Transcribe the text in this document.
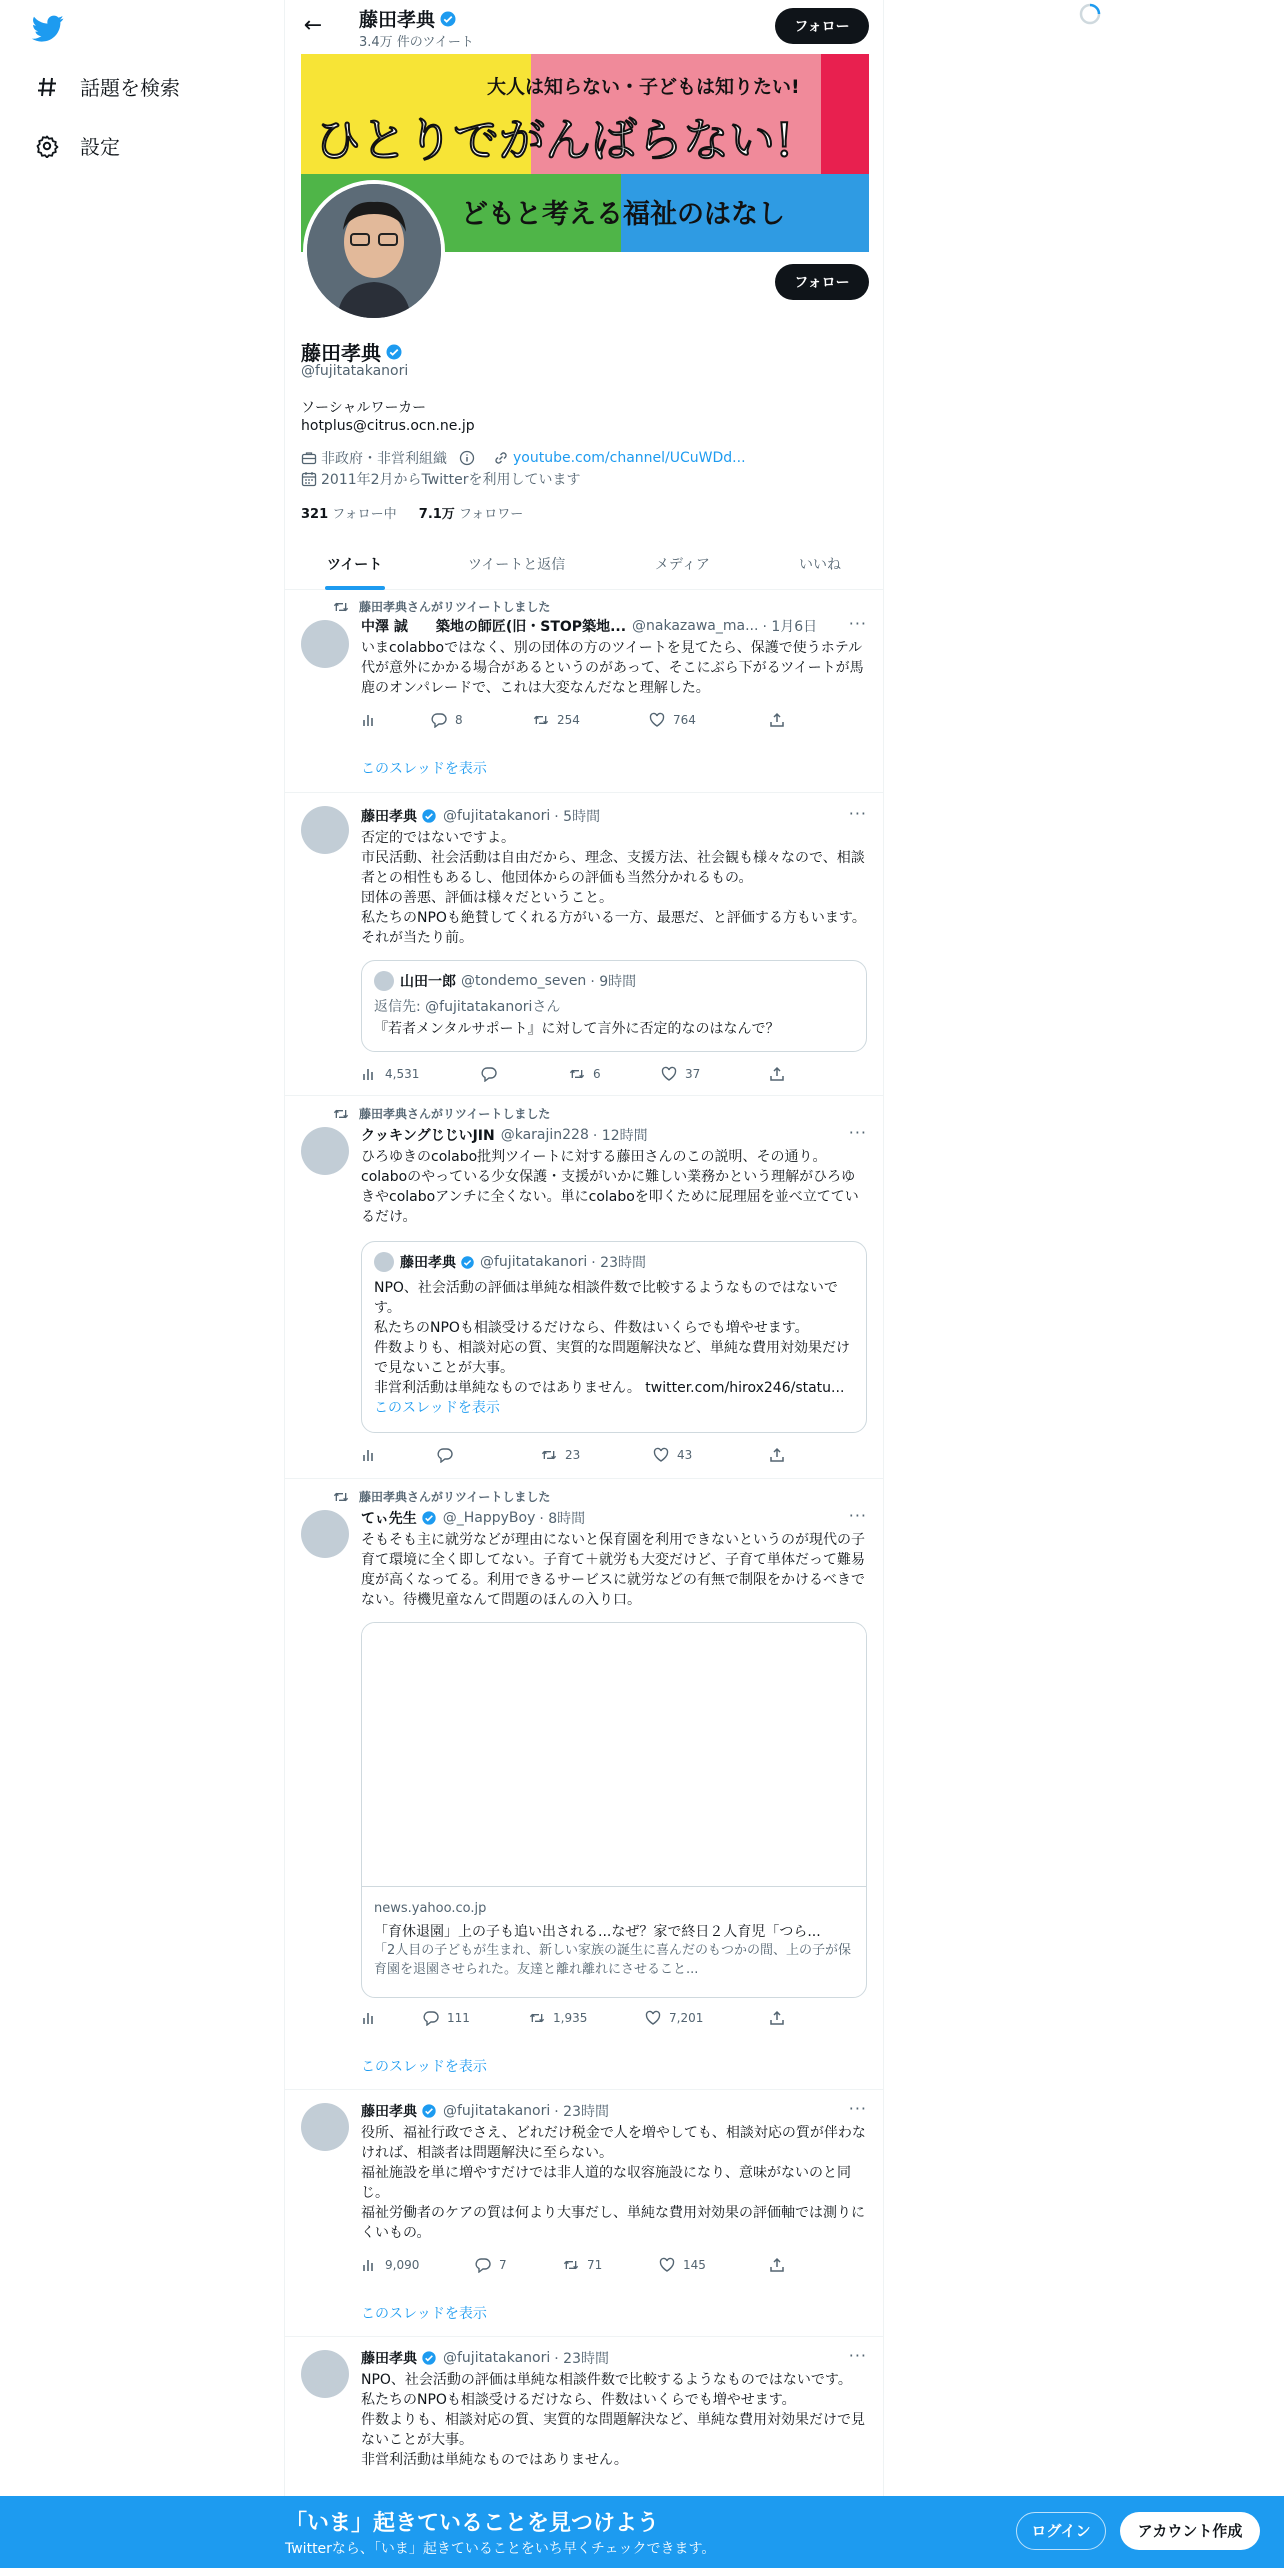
話題を検索
設定
← 藤田孝典
3.4万 件のツイート
フォロー
大人は知らない・子どもは知りたい!
ひとりでがんばらない!
どもと考える福祉のはなし
フォロー
藤田孝典
@fujitatakanori
ソーシャルワーカー
hotplus@citrus.ocn.ne.jp
非政府・非営利組織	youtube.com/channel/UCuWDd...
2011年2月からTwitterを利用しています
321 フォロー中 7.1万 フォロワー
ツイート	ツイートと返信	メディア	いいね
藤田孝典さんがリツイートしました
中澤 誠　　築地の師匠(旧・STOP築地... @nakazawa_ma... · 1月6日 ···
いまcolabboではなく、別の団体の方のツイートを見てたら、保護で使うホテル代が意外にかかる場合があるというのがあって、そこにぶら下がるツイートが馬鹿のオンパレードで、これは大変なんだなと理解した。
8	254	764
このスレッドを表示
藤田孝典 @fujitatakanori · 5時間	···
否定的ではないですよ。
市民活動、社会活動は自由だから、理念、支援方法、社会観も様々なので、相談者との相性もあるし、他団体からの評価も当然分かれるもの。
団体の善悪、評価は様々だということ。
私たちのNPOも絶賛してくれる方がいる一方、最悪だ、と評価する方もいます。それが当たり前。
山田一郎 @tondemo_seven · 9時間
返信先: @fujitatakanoriさん
『若者メンタルサポート』に対して言外に否定的なのはなんで？
4,531	6	37
藤田孝典さんがリツイートしました
クッキングじじいJIN @karajin228 · 12時間	···
ひろゆきのcolabo批判ツイートに対する藤田さんのこの説明、その通り。colaboのやっている少女保護・支援がいかに難しい業務かという理解がひろゆきやcolaboアンチに全くない。単にcolaboを叩くために屁理屈を並べ立てているだけ。
藤田孝典 @fujitatakanori · 23時間
NPO、社会活動の評価は単純な相談件数で比較するようなものではないです。
私たちのNPOも相談受けるだけなら、件数はいくらでも増やせます。
件数よりも、相談対応の質、実質的な問題解決など、単純な費用対効果だけで見ないことが大事。
非営利活動は単純なものではありません。 twitter.com/hirox246/statu...
このスレッドを表示
23	43
藤田孝典さんがリツイートしました
てぃ先生 @_HappyBoy · 8時間	···
そもそも主に就労などが理由にないと保育園を利用できないというのが現代の子育て環境に全く即してない。子育て＋就労も大変だけど、子育て単体だって難易度が高くなってる。利用できるサービスに就労などの有無で制限をかけるべきでない。待機児童なんて問題のほんの入り口。
news.yahoo.co.jp
「育休退園」上の子も追い出される...なぜ？家で終日２人育児「つら...
「2人目の子どもが生まれ、新しい家族の誕生に喜んだのもつかの間、上の子が保育園を退園させられた。友達と離れ離れにさせること...
111	1,935	7,201
このスレッドを表示
藤田孝典 @fujitatakanori · 23時間	···
役所、福祉行政でさえ、どれだけ税金で人を増やしても、相談対応の質が伴わなければ、相談者は問題解決に至らない。
福祉施設を単に増やすだけでは非人道的な収容施設になり、意味がないのと同じ。
福祉労働者のケアの質は何より大事だし、単純な費用対効果の評価軸では測りにくいもの。
9,090	7	71	145
このスレッドを表示
藤田孝典 @fujitatakanori · 23時間	···
NPO、社会活動の評価は単純な相談件数で比較するようなものではないです。
私たちのNPOも相談受けるだけなら、件数はいくらでも増やせます。
件数よりも、相談対応の質、実質的な問題解決など、単純な費用対効果だけで見ないことが大事。
非営利活動は単純なものではありません。
「いま」起きていることを見つけよう
Twitterなら、「いま」起きていることをいち早くチェックできます。
ログイン	アカウント作成
